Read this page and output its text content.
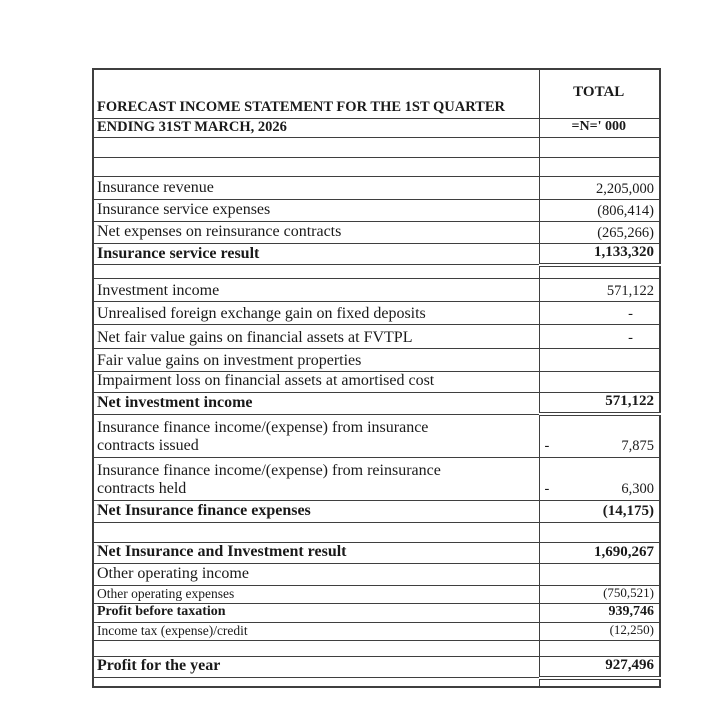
FORECAST INCOME STATEMENT FOR THE 1ST QUARTER	TOTAL
ENDING 31ST MARCH, 2026	=N=' 000

Insurance revenue	2,205,000
Insurance service expenses	(806,414)
Net expenses on reinsurance contracts	(265,266)
Insurance service result	1,133,320

Investment income	571,122
Unrealised foreign exchange gain on fixed deposits	-
Net fair value gains on financial assets at FVTPL	-
Fair value gains on investment properties	
Impairment loss on financial assets at amortised cost	
Net investment income	571,122
Insurance finance income/(expense) from insurance contracts issued	- 7,875

Insurance finance income/(expense) from reinsurance contracts held	- 6,300

Net Insurance finance expenses	(14,175)

Net Insurance and Investment result	1,690,267
Other operating income	
Other operating expenses	(750,521)
Profit before taxation	939,746
Income tax (expense)/credit	(12,250)

Profit for the year	927,496
